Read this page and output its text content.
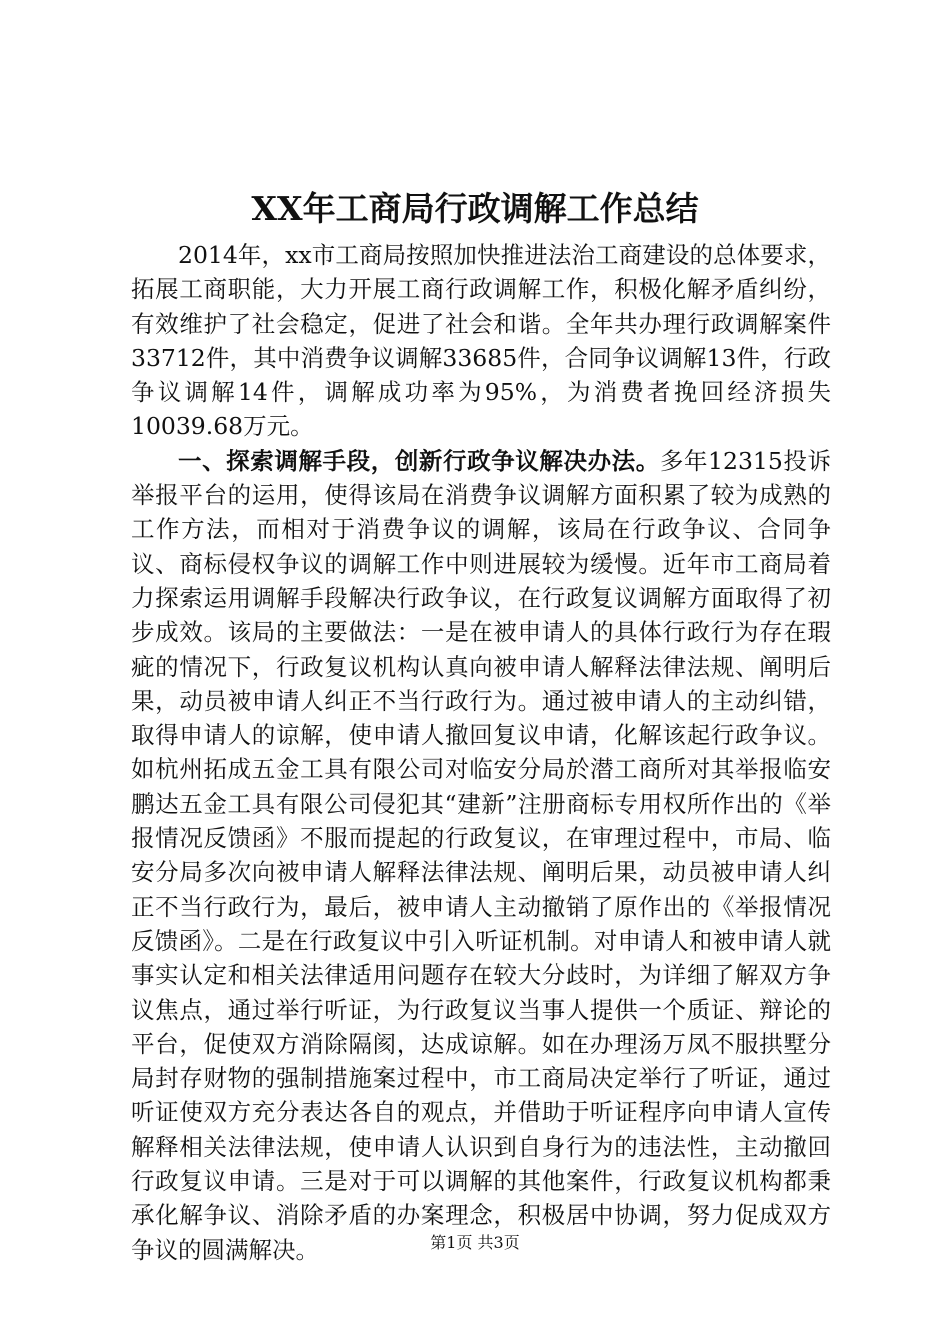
XX年工商局行政调解工作总结

2014年，xx市工商局按照加快推进法治工商建设的总体要求，拓展工商职能，大力开展工商行政调解工作，积极化解矛盾纠纷，有效维护了社会稳定，促进了社会和谐。全年共办理行政调解案件33712件，其中消费争议调解33685件，合同争议调解13件，行政争议调解14件，调解成功率为95%，为消费者挽回经济损失10039.68万元。

一、探索调解手段，创新行政争议解决办法。多年12315投诉举报平台的运用，使得该局在消费争议调解方面积累了较为成熟的工作方法，而相对于消费争议的调解，该局在行政争议、合同争议、商标侵权争议的调解工作中则进展较为缓慢。近年市工商局着力探索运用调解手段解决行政争议，在行政复议调解方面取得了初步成效。该局的主要做法：一是在被申请人的具体行政行为存在瑕疵的情况下，行政复议机构认真向被申请人解释法律法规、阐明后果，动员被申请人纠正不当行政行为。通过被申请人的主动纠错，取得申请人的谅解，使申请人撤回复议申请，化解该起行政争议。如杭州拓成五金工具有限公司对临安分局於潜工商所对其举报临安鹏达五金工具有限公司侵犯其“建新”注册商标专用权所作出的《举报情况反馈函》不服而提起的行政复议，在审理过程中，市局、临安分局多次向被申请人解释法律法规、阐明后果，动员被申请人纠正不当行政行为，最后，被申请人主动撤销了原作出的《举报情况反馈函》。二是在行政复议中引入听证机制。对申请人和被申请人就事实认定和相关法律适用问题存在较大分歧时，为详细了解双方争议焦点，通过举行听证，为行政复议当事人提供一个质证、辩论的平台，促使双方消除隔阂，达成谅解。如在办理汤万凤不服拱墅分局封存财物的强制措施案过程中，市工商局决定举行了听证，通过听证使双方充分表达各自的观点，并借助于听证程序向申请人宣传解释相关法律法规，使申请人认识到自身行为的违法性，主动撤回行政复议申请。三是对于可以调解的其他案件，行政复议机构都秉承化解争议、消除矛盾的办案理念，积极居中协调，努力促成双方争议的圆满解决。	第1页 共3页
